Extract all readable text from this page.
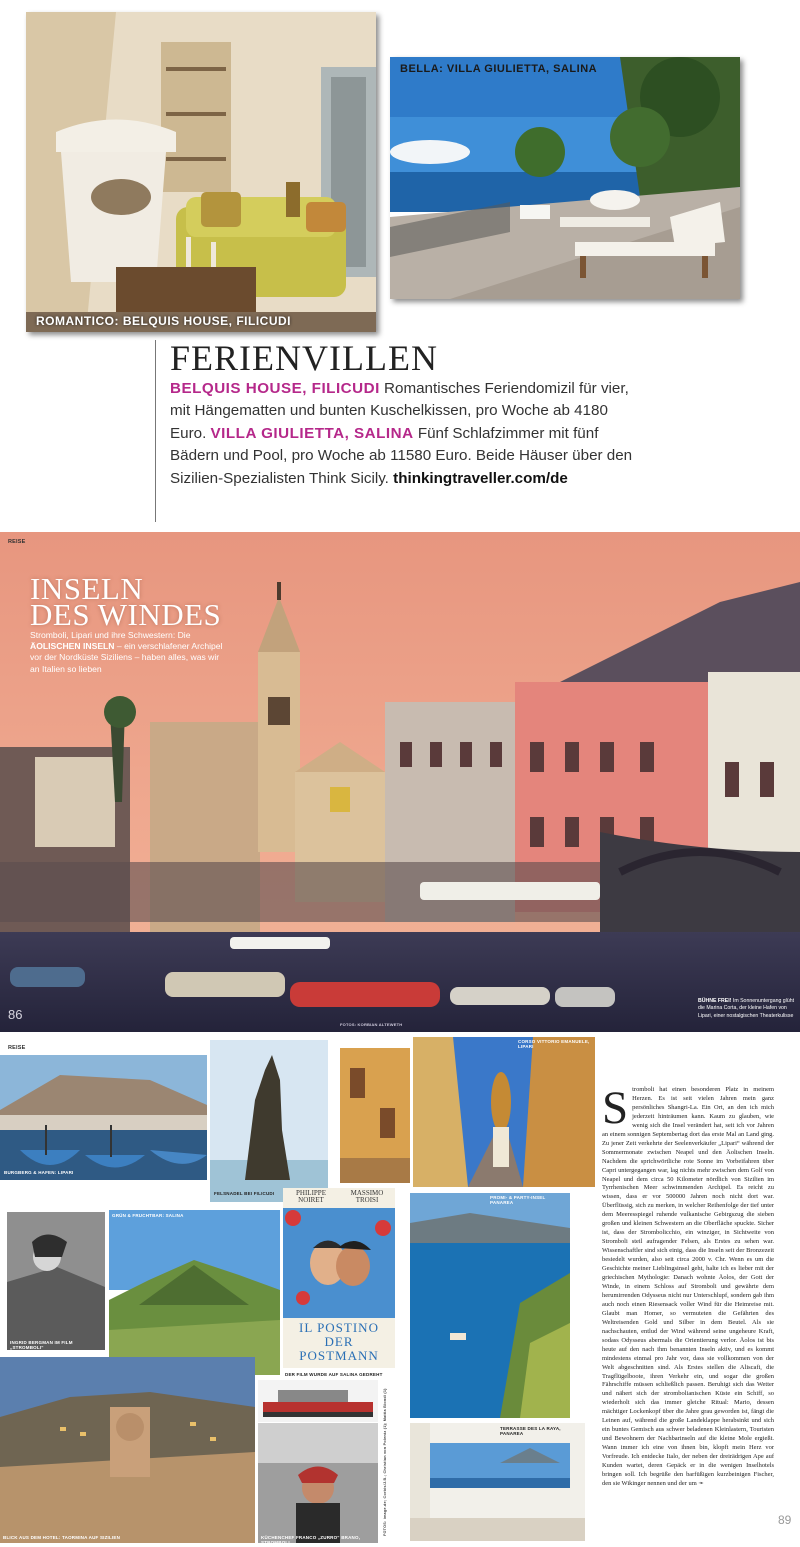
ROMANTICO: BELQUIS HOUSE, FILICUDI
BELLA: VILLA GIULIETTA, SALINA
FERIENVILLEN
BELQUIS HOUSE, FILICUDI Romantisches Feriendomizil für vier, mit Hängematten und bunten Kuschelkissen, pro Woche ab 4180 Euro. VILLA GIULIETTA, SALINA Fünf Schlafzimmer mit fünf Bädern und Pool, pro Woche ab 11580 Euro. Beide Häuser über den Sizilien-Spezialisten Think Sicily. thinkingtraveller.com/de
REISE
INSELN
DES WINDES
Stromboli, Lipari und ihre Schwestern: Die ÄOLISCHEN INSELN – ein verschlafener Archipel vor der Nordküste Siziliens – haben alles, was wir an Italien so lieben
86
FOTOS: KORBIAN ALTEWETH
BÜHNE FREI! Im Sonnenuntergang glüht die Marina Corta, der kleine Hafen von Lipari, einer nostalgischen Theaterkulisse
REISE
BURGBERG & HAFEN: LIPARI
FELSNADEL BEI FILICUDI
CORSO VITTORIO EMANUELE, LIPARI
PROMI- & PARTY-INSEL PANAREA
INGRID BERGMAN IM FILM „STROMBOLI“
GRÜN & FRUCHTBAR: SALINA
PHILIPPE
NOIRET
MASSIMO
TROISI
IL POSTINO
DER POSTMANN
DER FILM WURDE AUF SALINA GEDREHT
BLICK AUS DEM HOTEL: TAORMINA AUF SIZILIEN	KÜCHENCHEF FRANCO „ZURRO“ BRANO, STROMBOLI
TERRASSE DES LA RAYA, PANAREA
FOTOS: image.de; Corbis/J.B.; Christian von Polentz (1); Mattia Biondi (1)
S tromboli hat einen besonderen Platz in meinem Herzen. Es ist seit vielen Jahren mein ganz persönliches Shangri-La. Ein Ort, an den ich mich jederzeit hinträumen kann. Kaum zu glauben, wie wenig sich die Insel verändert hat, seit ich vor Jahren an einem sonnigen Septembertag dort das erste Mal an Land ging. Zu jener Zeit verkehrte der Seelenverkäufer „Lipari“ während der Sommermonate zwischen Neapel und den Äolischen Inseln. Nachdem die sprichwörtliche rote Sonne im Vorbeifahren über Capri untergegangen war, lag nichts mehr zwischen dem Golf von Neapel und dem circa 50 Kilometer nördlich von Sizilien im Tyrrhenischen Meer schwimmenden Archipel. Es reicht zu wissen, dass er vor 500000 Jahren noch nicht dort war. Überflüssig, sich zu merken, in welcher Reihenfolge der tief unter dem Meeresspiegel ruhende vulkanische Gebirgszug die sieben großen und kleinen Schwestern an die Oberfläche spuckte. Sicher ist, dass der Strombolicchio, ein winziger, in Sichtweite von Stromboli steil aufragender Felsen, als Erstes zu sehen war. Wissenschaftler sind sich einig, dass die Inseln seit der Bronzezeit besiedelt wurden, also seit circa 2000 v. Chr. Wenn es um die Geschichte meiner Lieblingsinsel geht, halte ich es lieber mit der griechischen Mythologie: Danach wohnte Äolos, der Gott der Winde, in einem Schloss auf Stromboli und gewährte dem herumirrenden Odysseus nicht nur Unterschlupf, sondern gab ihm auch noch einen Riesensack voller Wind für die Heimreise mit. Glaubt man Homer, so vermuteten die Gefährten des Weltreisenden Gold und Silber in dem Beutel. Als sie nachschauten, entlud der Wind während seine ungeheure Kraft, sodass Odysseus abermals die Orientierung verlor. Äolos ist bis heute auf den nach ihm benannten Inseln aktiv, und es kommt mindestens einmal pro Jahr vor, dass sie vollkommen von der Welt abgeschnitten sind. Als Erstes stellen die Aliscafi, die Tragflügelboote, ihren Verkehr ein, und sogar die großen Fährschiffe müssen schließlich passen. Beruhigt sich das Wetter und nähert sich der strombolianischen Küste ein Schiff, so wiederholt sich das immer gleiche Ritual: Mario, dessen mächtiger Lockenkopf über die Jahre grau geworden ist, fängt die Leinen auf, während die große Landeklappe herabsinkt und sich ein buntes Gemisch aus schwer beladenen Kleinlastern, Touristen und Bewohnern der Nachbarinseln auf die kleine Mole ergießt. Wann immer ich eine von ihnen bin, klopft mein Herz vor Vorfreude. Ich entdecke Italo, der neben der dreirädrigen Ape auf Kunden wartet, deren Gepäck er in die wenigen Inselhotels bringen soll. Ich begrüße den barfüßigen kurzbeinigen Fischer, den sie Wikinger nennen und der um ➛
89
